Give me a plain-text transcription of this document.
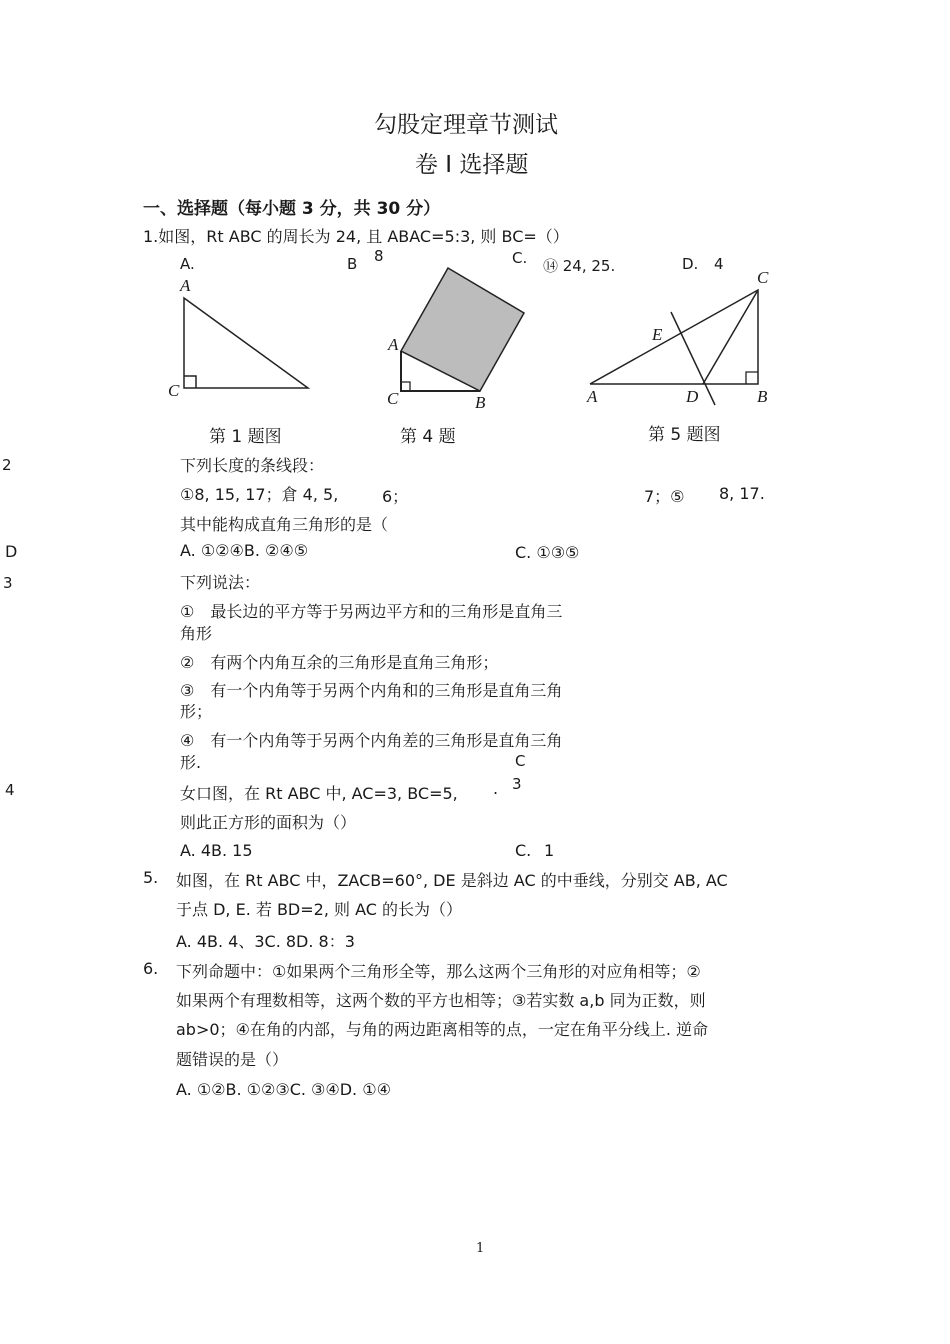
勾股定理章节测试
卷 I 选择题
一、选择题（每小题 3 分，共 30 分）
1.如图，Rt ABC 的周长为 24, 且 ABAC=5:3, 则 BC=（）
A.	B 8	C. ⑭ 24, 25.	D. 4
A
C
第 1 题图
A
C	B
第 4 题
C
E
D	B
A
第 5 题图
2	下列长度的条线段：
①8, 15, 17；倉 4, 5,	6；	7；⑤ 8, 17.
其中能构成直角三角形的是（
D	A. ①②④B. ②④⑤	C. ①③⑤
3	下列说法：
①　最长边的平方等于另两边平方和的三角形是直角三
角形
②　有两个内角互余的三角形是直角三角形；
③　有一个内角等于另两个内角和的三角形是直角三角
形；
④　有一个内角等于另两个内角差的三角形是直角三角
形.	C
3
4	女口图，在 Rt ABC 中, AC=3, BC=5, .
则此正方形的面积为（）
A. 4B. 15	C. 1
5. 如图，在 Rt ABC 中，ZACB=60°, DE 是斜边 AC 的中垂线，分别交 AB, AC
于点 D, E. 若 BD=2, 则 AC 的长为（）
A. 4B. 4、3C. 8D. 8：3
6. 下列命题中：①如果两个三角形全等，那么这两个三角形的对应角相等；②
如果两个有理数相等，这两个数的平方也相等；③若实数 a,b 同为正数，则
ab>0；④在角的内部，与角的两边距离相等的点，一定在角平分线上. 逆命
题错误的是（）
A. ①②B. ①②③C. ③④D. ①④
1
